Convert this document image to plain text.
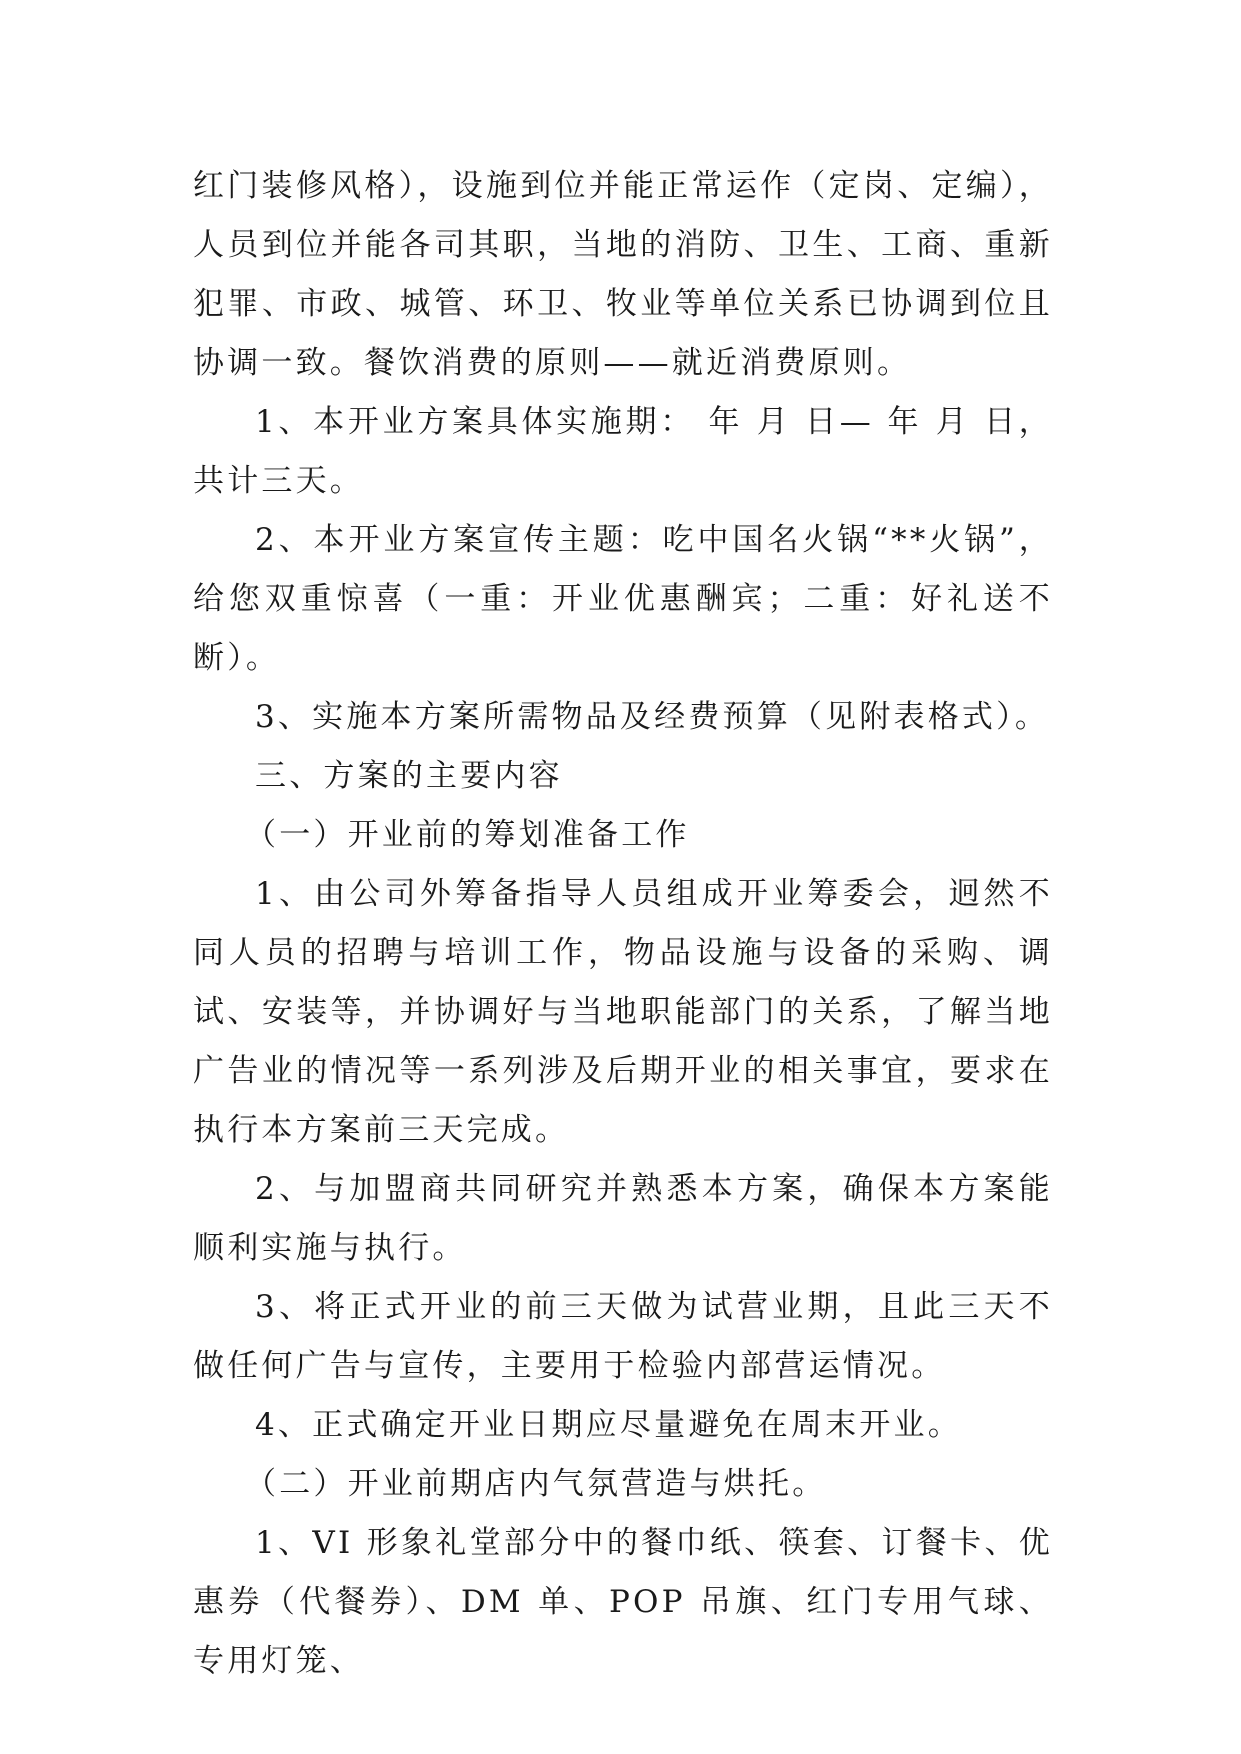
红门装修风格），设施到位并能正常运作（定岗、定编），人员到位并能各司其职，当地的消防、卫生、工商、重新犯罪、市政、城管、环卫、牧业等单位关系已协调到位且协调一致。餐饮消费的原则——就近消费原则。

1、本开业方案具体实施期： 年 月 日— 年 月 日，共计三天。

2、本开业方案宣传主题：吃中国名火锅“**火锅”，给您双重惊喜（一重：开业优惠酬宾；二重：好礼送不断）。

3、实施本方案所需物品及经费预算（见附表格式）。

三、方案的主要内容

（一）开业前的筹划准备工作

1、由公司外筹备指导人员组成开业筹委会，迥然不同人员的招聘与培训工作，物品设施与设备的采购、调试、安装等，并协调好与当地职能部门的关系，了解当地广告业的情况等一系列涉及后期开业的相关事宜，要求在执行本方案前三天完成。

2、与加盟商共同研究并熟悉本方案，确保本方案能顺利实施与执行。

3、将正式开业的前三天做为试营业期，且此三天不做任何广告与宣传，主要用于检验内部营运情况。

4、正式确定开业日期应尽量避免在周末开业。

（二）开业前期店内气氛营造与烘托。

1、VI 形象礼堂部分中的餐巾纸、筷套、订餐卡、优惠券（代餐券）、DM 单、POP 吊旗、红门专用气球、专用灯笼、
